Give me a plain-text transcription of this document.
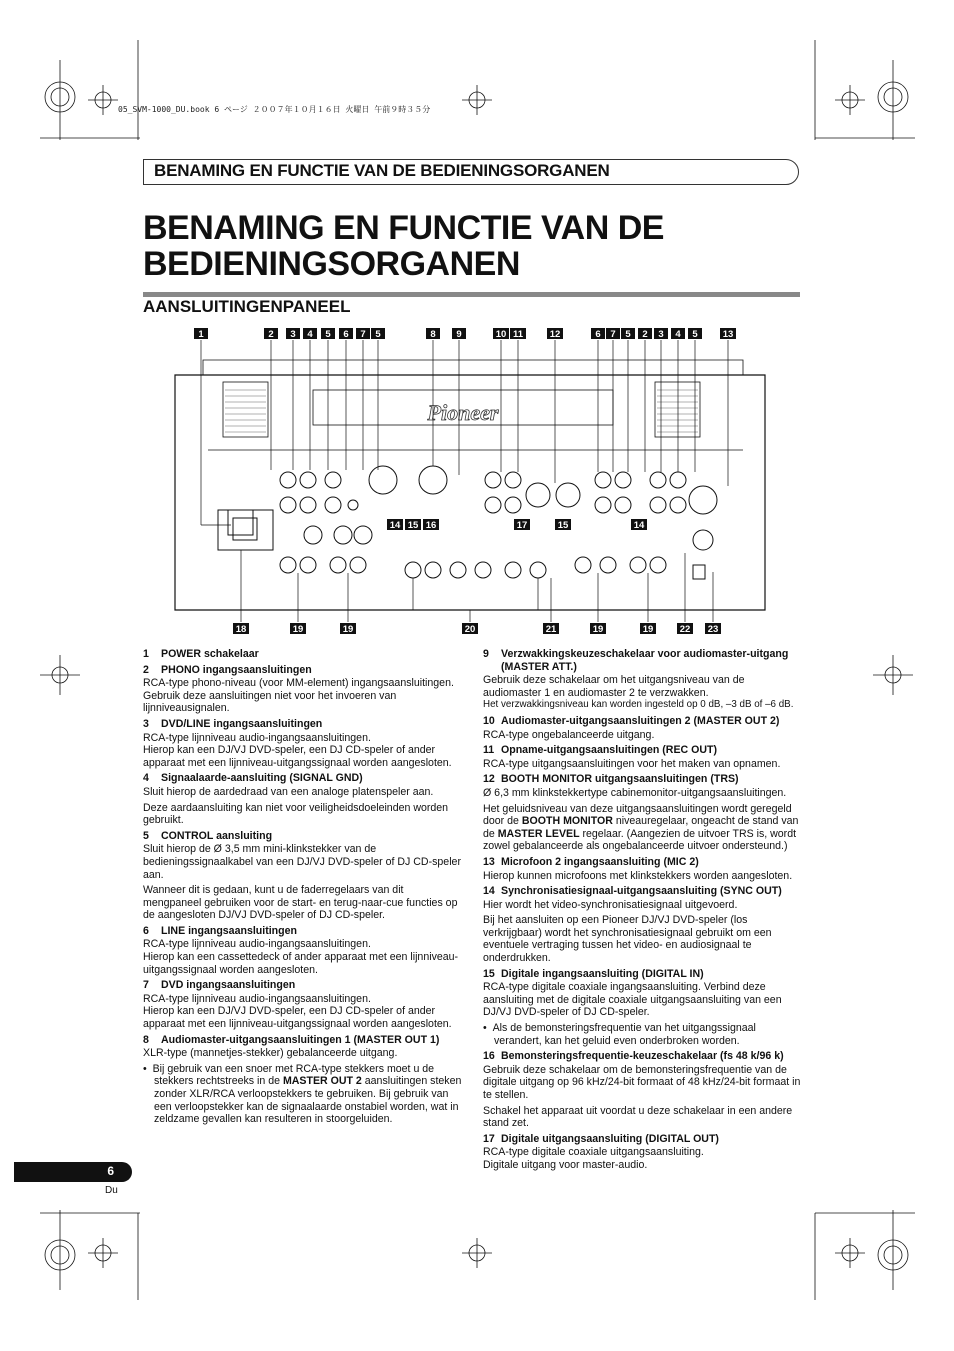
05_SVM-1000_DU.book 6 ページ ２００７年１０月１６日 火曜日 午前９時３５分
BENAMING EN FUNCTIE VAN DE BEDIENINGSORGANEN
BENAMING EN FUNCTIE VAN DE BEDIENINGSORGANEN
AANSLUITINGENPANEEL
Pioneer
1	2 3 4 5 6 7 5	8 9	10 11	12	6 7 5 2 3 4 5	13
14 15 16	17	15	14
18	19	19	20	21	19	19	22 23
1 POWER schakelaar
2 PHONO ingangsaansluitingen

RCA-type phono-niveau (voor MM-element) ingangsaansluitingen. Gebruik deze aansluitingen niet voor het invoeren van lijnniveausignalen.

3 DVD/LINE ingangsaansluitingen

RCA-type lijnniveau audio-ingangsaansluitingen.

Hierop kan een DJ/VJ DVD-speler, een DJ CD-speler of ander apparaat met een lijnniveau-uitgangssignaal worden aangesloten.

4 Signaalaarde-aansluiting (SIGNAL GND)

Sluit hierop de aardedraad van een analoge platenspeler aan.

Deze aardaansluiting kan niet voor veiligheidsdoeleinden worden gebruikt.

5 CONTROL aansluiting

Sluit hierop de Ø 3,5 mm mini-klinkstekker van de bedieningssignaalkabel van een DJ/VJ DVD-speler of DJ CD-speler aan.

Wanneer dit is gedaan, kunt u de faderregelaars van dit mengpaneel gebruiken voor de start- en terug-naar-cue functies op de aangesloten DJ/VJ DVD-speler of DJ CD-speler.

6 LINE ingangsaansluitingen

RCA-type lijnniveau audio-ingangsaansluitingen.

Hierop kan een cassettedeck of ander apparaat met een lijnniveau-uitgangssignaal worden aangesloten.

7 DVD ingangsaansluitingen

RCA-type lijnniveau audio-ingangsaansluitingen.

Hierop kan een DJ/VJ DVD-speler, een DJ CD-speler of ander apparaat met een lijnniveau-uitgangssignaal worden aangesloten.

8 Audiomaster-uitgangsaansluitingen 1 (MASTER OUT 1)

XLR-type (mannetjes-stekker) gebalanceerde uitgang.

•  Bij gebruik van een snoer met RCA-type stekkers moet u de stekkers rechtstreeks in de MASTER OUT 2 aansluitingen steken zonder XLR/RCA verloopstekkers te gebruiken. Bij gebruik van een verloopstekker kan de signaalaarde onstabiel worden, wat in zeldzame gevallen kan resulteren in stoorgeluiden.

9	Verzwakkingskeuzeschakelaar voor audiomaster-uitgang (MASTER ATT.)

Gebruik deze schakelaar om het uitgangsniveau van de audiomaster 1 en audiomaster 2 te verzwakken.

Het verzwakkingsniveau kan worden ingesteld op 0 dB, –3 dB of –6 dB.

10 Audiomaster-uitgangsaansluitingen 2 (MASTER OUT 2)

RCA-type ongebalanceerde uitgang.

11 Opname-uitgangsaansluitingen (REC OUT)

RCA-type uitgangsaansluitingen voor het maken van opnamen.

12 BOOTH MONITOR uitgangsaansluitingen (TRS)

Ø 6,3 mm klinkstekkertype cabinemonitor-uitgangsaansluitingen.

Het geluidsniveau van deze uitgangsaansluitingen wordt geregeld door de BOOTH MONITOR niveauregelaar, ongeacht de stand van de MASTER LEVEL regelaar. (Aangezien de uitvoer TRS is, wordt zowel gebalanceerde als ongebalanceerde uitvoer ondersteund.)

13 Microfoon 2 ingangsaansluiting (MIC 2)

Hierop kunnen microfoons met klinkstekkers worden aangesloten.

14 Synchronisatiesignaal-uitgangsaansluiting (SYNC OUT)

Hier wordt het video-synchronisatiesignaal uitgevoerd.

Bij het aansluiten op een Pioneer DJ/VJ DVD-speler (los verkrijgbaar) wordt het synchronisatiesignaal gebruikt om een eventuele vertraging tussen het video- en audiosignaal te onderdrukken.

15 Digitale ingangsaansluiting (DIGITAL IN)

RCA-type digitale coaxiale ingangsaansluiting. Verbind deze aansluiting met de digitale coaxiale uitgangsaansluiting van een DJ/VJ DVD-speler of DJ CD-speler.

•  Als de bemonsteringsfrequentie van het uitgangssignaal verandert, kan het geluid even onderbroken worden.

16 Bemonsteringsfrequentie-keuzeschakelaar (fs 48 k/96 k)

Gebruik deze schakelaar om de bemonsteringsfrequentie van de digitale uitgang op 96 kHz/24-bit formaat of 48 kHz/24-bit formaat in te stellen.

Schakel het apparaat uit voordat u deze schakelaar in een andere stand zet.

17 Digitale uitgangsaansluiting (DIGITAL OUT)

RCA-type digitale coaxiale uitgangsaansluiting.

Digitale uitgang voor master-audio.

6
Du
